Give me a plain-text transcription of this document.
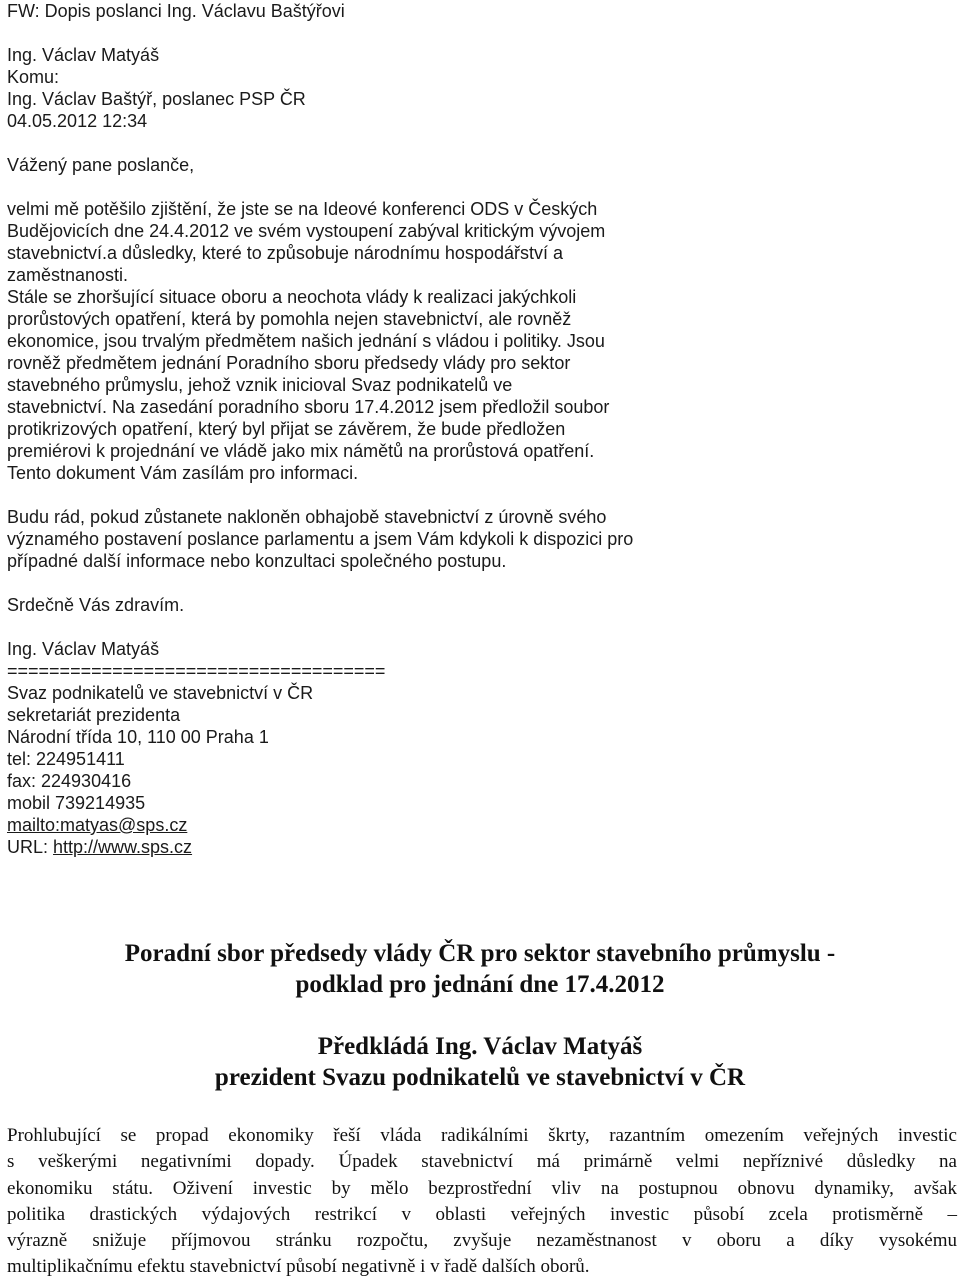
FW: Dopis poslanci Ing. Václavu Baštýřovi
Ing. Václav Matyáš
Komu:
Ing. Václav Baštýř, poslanec PSP ČR
04.05.2012 12:34
Vážený pane poslanče,
velmi mě potěšilo zjištění, že jste se na Ideové konferenci ODS v Českých
Budějovicích dne 24.4.2012 ve svém vystoupení zabýval kritickým vývojem
stavebnictví.a důsledky, které to způsobuje národnímu hospodářství a
zaměstnanosti.
Stále se zhoršující situace oboru a neochota vlády k realizaci jakýchkoli
prorůstových opatření, která by pomohla nejen stavebnictví, ale rovněž
ekonomice, jsou trvalým předmětem našich jednání s vládou i politiky. Jsou
rovněž předmětem jednání Poradního sboru předsedy vlády pro sektor
stavebného průmyslu, jehož vznik inicioval Svaz podnikatelů ve
stavebnictví. Na zasedání poradního sboru 17.4.2012 jsem předložil soubor
protikrizových opatření, který byl přijat se závěrem, že bude předložen
premiérovi k projednání ve vládě jako mix námětů na prorůstová opatření.
Tento dokument Vám zasílám pro informaci.
Budu rád, pokud zůstanete nakloněn obhajobě stavebnictví z úrovně svého
významého postavení poslance parlamentu a jsem Vám kdykoli k dispozici pro
případné další informace nebo konzultaci společného postupu.
Srdečně Vás zdravím.
Ing. Václav Matyáš
====================================
Svaz podnikatelů ve stavebnictví v ČR
sekretariát prezidenta
Národní třída 10, 110 00 Praha 1
tel: 224951411
fax: 224930416
mobil 739214935
mailto:matyas@sps.cz
URL: http://www.sps.cz
Poradní sbor předsedy vlády ČR pro sektor stavebního průmyslu -
podklad pro jednání dne 17.4.2012
Předkládá Ing. Václav Matyáš
prezident Svazu podnikatelů ve stavebnictví v ČR
Prohlubující se propad ekonomiky řeší vláda radikálními škrty, razantním omezením veřejných investic
s veškerými negativními dopady. Úpadek stavebnictví má primárně velmi nepříznivé důsledky na
ekonomiku státu. Oživení investic by mělo bezprostřední vliv na postupnou obnovu dynamiky, avšak
politika drastických výdajových restrikcí v oblasti veřejných investic působí zcela protisměrně –
výrazně snižuje příjmovou stránku rozpočtu, zvyšuje nezaměstnanost v oboru a díky vysokému
multiplikačnímu efektu stavebnictví působí negativně i v řadě dalších oborů.
